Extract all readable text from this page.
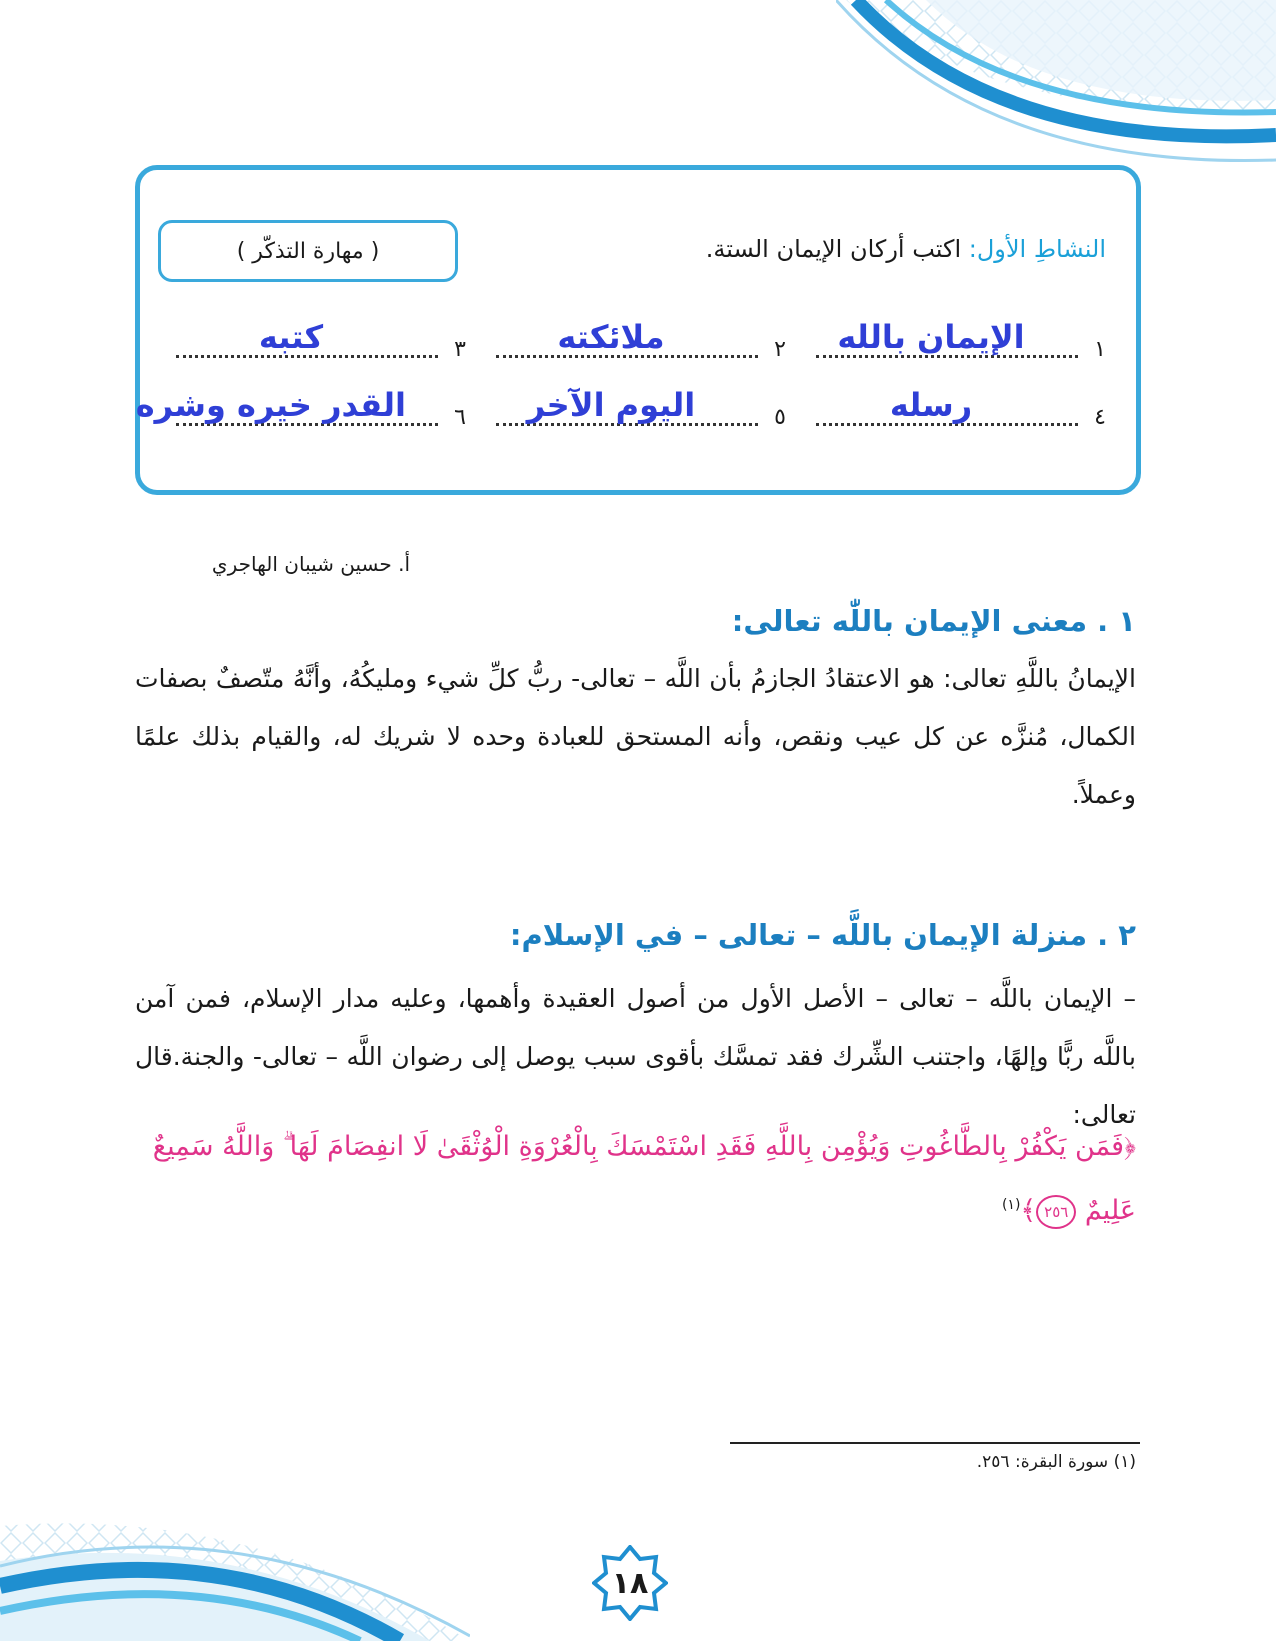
النشاطِ الأول: اكتب أركان الإيمان الستة.
( مهارة التذكّر )
١
الإيمان بالله
٢
ملائكته
٣
كتبه
٤
رسله
٥
اليوم الآخر
٦
القدر خيره وشره
أ. حسين شيبان الهاجري
١ . معنى الإيمان باللّٰه تعالى:
الإيمانُ باللَّهِ تعالى: هو الاعتقادُ الجازمُ بأن اللَّه – تعالى- ربُّ كلِّ شيء ومليكُهُ، وأنَّهُ متّصفٌ بصفات الكمال، مُنزَّه عن كل عيب ونقص، وأنه المستحق للعبادة وحده لا شريك له، والقيام بذلك علمًا وعملاً.
٢ . منزلة الإيمان باللَّه – تعالى – في الإسلام:
– الإيمان باللَّه – تعالى – الأصل الأول من أصول العقيدة وأهمها، وعليه مدار الإسلام، فمن آمن باللَّه ربًّا وإلهًا، واجتنب الشِّرك فقد تمسَّك بأقوى سبب يوصل إلى رضوان اللَّه – تعالى- والجنة.قال تعالى:
﴿فَمَن يَكْفُرْ بِالطَّاغُوتِ وَيُؤْمِن بِاللَّهِ فَقَدِ اسْتَمْسَكَ بِالْعُرْوَةِ الْوُثْقَىٰ لَا انفِصَامَ لَهَا ۗ وَاللَّهُ سَمِيعٌ عَلِيمٌ ٢٥٦﴾$^{(١)}$
(١) سورة البقرة: ٢٥٦.
١٨
